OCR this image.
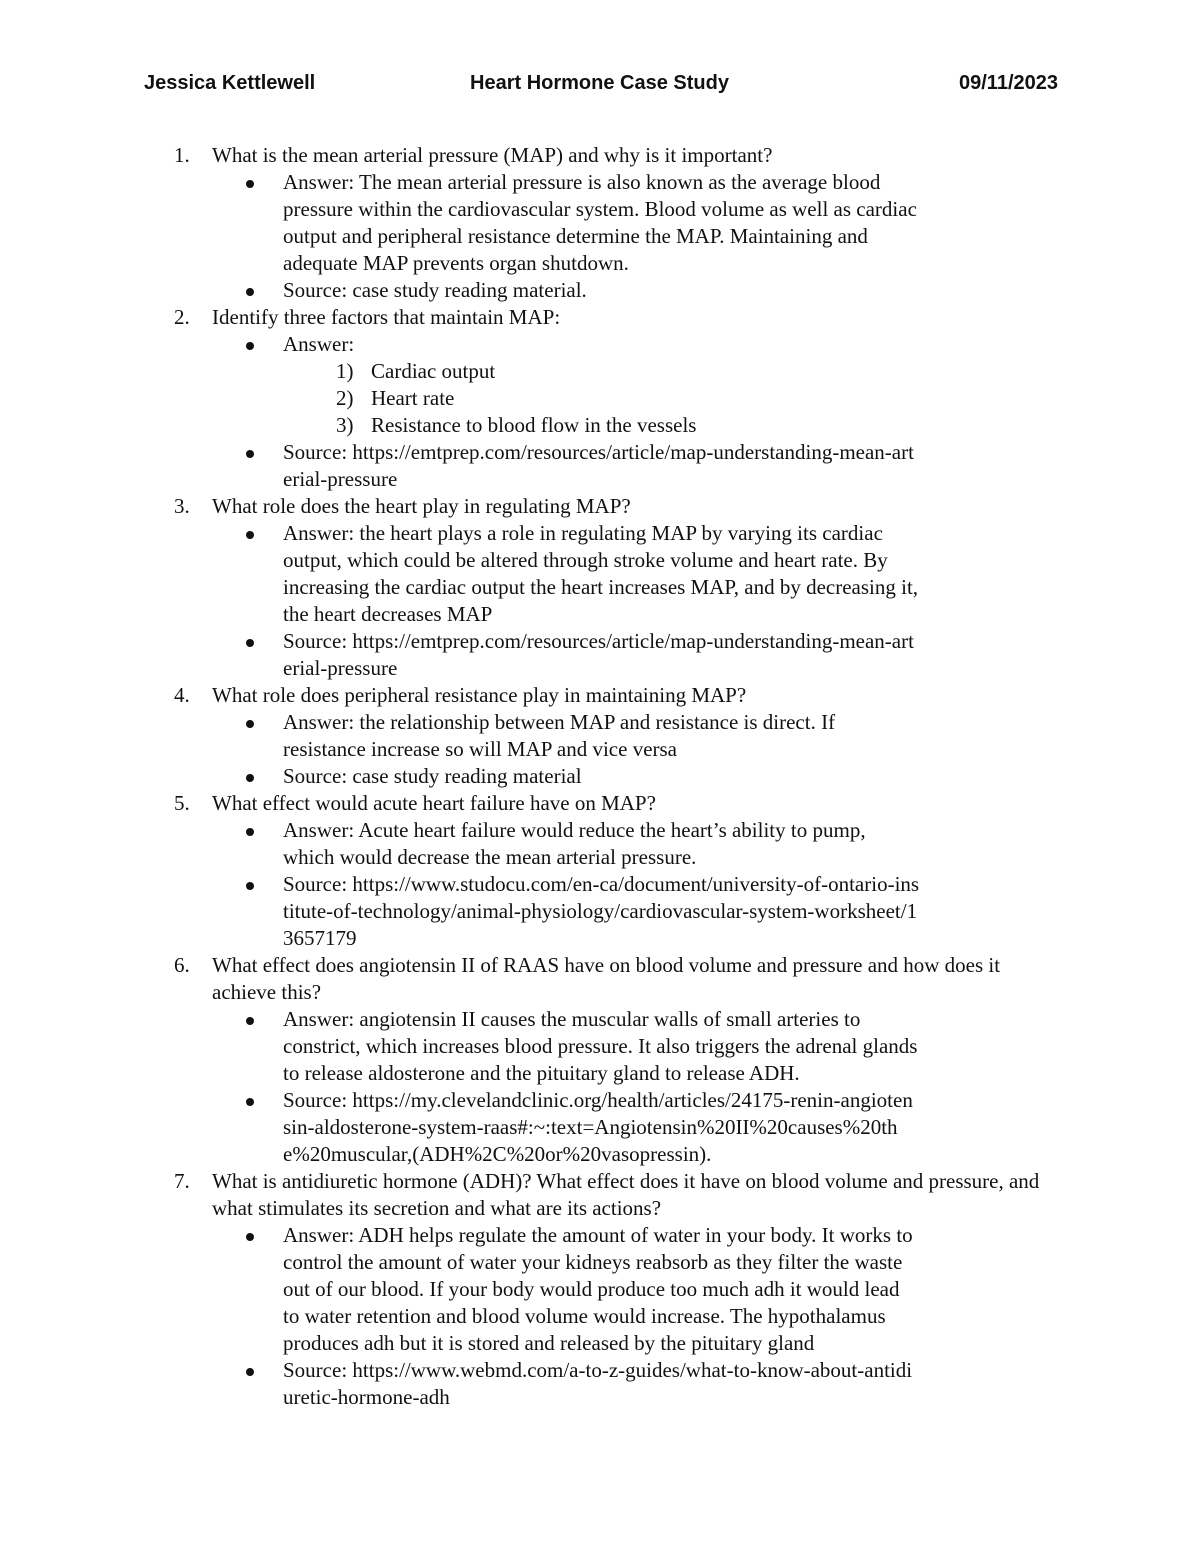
Jessica Kettlewell	Heart Hormone Case Study	09/11/2023
1. What is the mean arterial pressure (MAP) and why is it important?
Answer: The mean arterial pressure is also known as the average blood pressure within the cardiovascular system. Blood volume as well as cardiac output and peripheral resistance determine the MAP. Maintaining and adequate MAP prevents organ shutdown.
Source: case study reading material.
2. Identify three factors that maintain MAP:
Answer:
1) Cardiac output
2) Heart rate
3) Resistance to blood flow in the vessels
Source: https://emtprep.com/resources/article/map-understanding-mean-arterial-pressure
3. What role does the heart play in regulating MAP?
Answer: the heart plays a role in regulating MAP by varying its cardiac output, which could be altered through stroke volume and heart rate. By increasing the cardiac output the heart increases MAP, and by decreasing it, the heart decreases MAP
Source: https://emtprep.com/resources/article/map-understanding-mean-arterial-pressure
4. What role does peripheral resistance play in maintaining MAP?
Answer: the relationship between MAP and resistance is direct. If resistance increase so will MAP and vice versa
Source: case study reading material
5. What effect would acute heart failure have on MAP?
Answer: Acute heart failure would reduce the heart’s ability to pump, which would decrease the mean arterial pressure.
Source: https://www.studocu.com/en-ca/document/university-of-ontario-institute-of-technology/animal-physiology/cardiovascular-system-worksheet/13657179
6. What effect does angiotensin II of RAAS have on blood volume and pressure and how does it achieve this?
Answer: angiotensin II causes the muscular walls of small arteries to constrict, which increases blood pressure. It also triggers the adrenal glands to release aldosterone and the pituitary gland to release ADH.
Source: https://my.clevelandclinic.org/health/articles/24175-renin-angiotensin-aldosterone-system-raas#:~:text=Angiotensin%20II%20causes%20the%20muscular,(ADH%2C%20or%20vasopressin).
7. What is antidiuretic hormone (ADH)? What effect does it have on blood volume and pressure, and what stimulates its secretion and what are its actions?
Answer: ADH helps regulate the amount of water in your body. It works to control the amount of water your kidneys reabsorb as they filter the waste out of our blood. If your body would produce too much adh it would lead to water retention and blood volume would increase. The hypothalamus produces adh but it is stored and released by the pituitary gland
Source: https://www.webmd.com/a-to-z-guides/what-to-know-about-antidiuretic-hormone-adh
